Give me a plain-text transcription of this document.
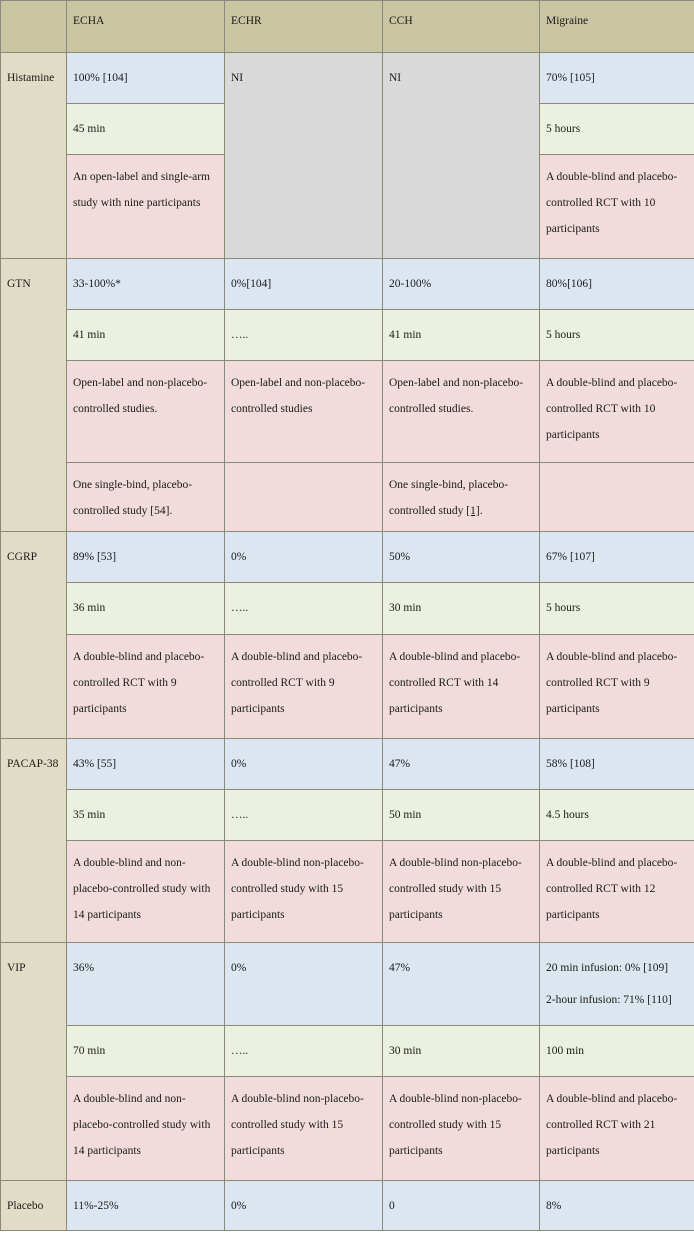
	ECHA	ECHR	CCH	Migraine
Histamine	100% [104]	NI	NI	70% [105]
	45 min			5 hours
	An open-label and single-arm study with nine participants			A double-blind and placebo-controlled RCT with 10 participants
GTN	33-100%*	0%[104]	20-100%	80%[106]
	41 min	…..	41 min	5 hours
	Open-label and non-placebo-controlled studies.	Open-label and non-placebo-controlled studies	Open-label and non-placebo-controlled studies.	A double-blind and placebo-controlled RCT with 10 participants
	One single-bind, placebo-controlled study [54].		One single-bind, placebo-controlled study [1].	
CGRP	89% [53]	0%	50%	67% [107]
	36 min	…..	30 min	5 hours
	A double-blind and placebo-controlled RCT with 9 participants	A double-blind and placebo-controlled RCT with 9 participants	A double-blind and placebo-controlled RCT with 14 participants	A double-blind and placebo-controlled RCT with 9 participants
PACAP-38	43% [55]	0%	47%	58% [108]
	35 min	…..	50 min	4.5 hours
	A double-blind and non-placebo-controlled study with 14 participants	A double-blind non-placebo-controlled study with 15 participants	A double-blind non-placebo-controlled study with 15 participants	A double-blind and placebo-controlled RCT with 12 participants
VIP	36%	0%	47%	20 min infusion: 0% [109]
2-hour infusion: 71% [110]

	70 min	…..	30 min	100 min
	A double-blind and non-placebo-controlled study with 14 participants	A double-blind non-placebo-controlled study with 15 participants	A double-blind non-placebo-controlled study with 15 participants	A double-blind and placebo-controlled RCT with 21 participants
Placebo	11%-25%	0%	0	8%
